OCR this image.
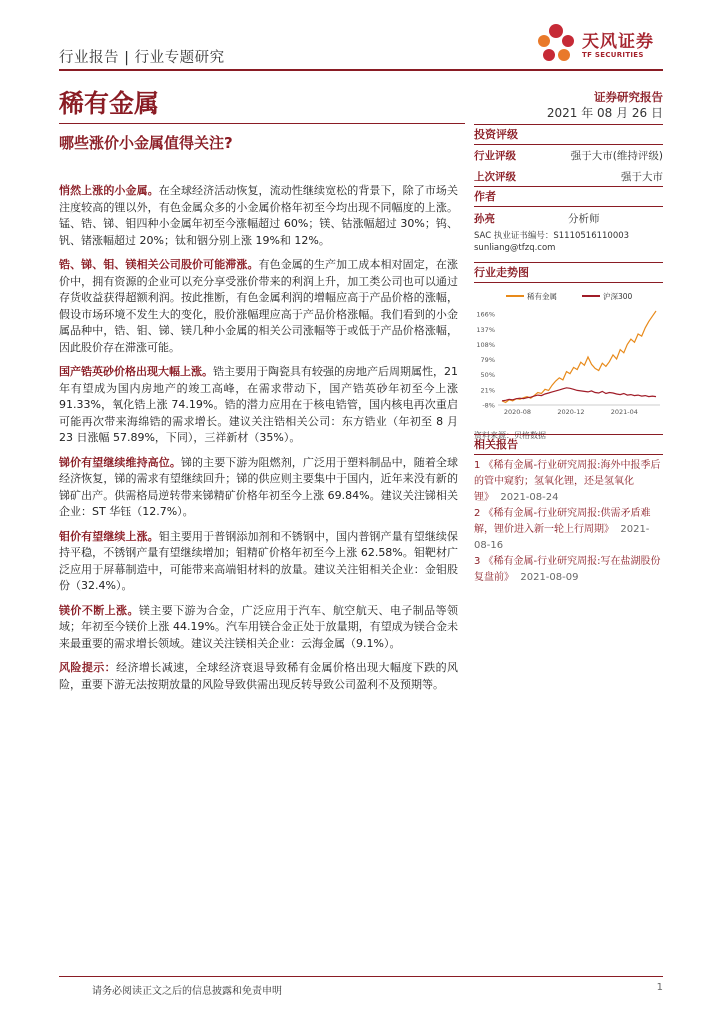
行业报告 | 行业专题研究
天风证券
TF SECURITIES
稀有金属	证券研究报告
2021 年 08 月 26 日
哪些涨价小金属值得关注?

悄然上涨的小金属。在全球经济活动恢复，流动性继续宽松的背景下，除了市场关注度较高的锂以外，有色金属众多的小金属价格年初至今均出现不同幅度的上涨。锰、锆、锑、钼四种小金属年初至今涨幅超过 60%；镁、钴涨幅超过 30%；钨、钒、锗涨幅超过 20%；钛和铟分别上涨 19%和 12%。

锆、锑、钼、镁相关公司股价可能滞涨。有色金属的生产加工成本相对固定，在涨价中，拥有资源的企业可以充分享受涨价带来的利润上升，加工类公司也可以通过存货收益获得超额利润。按此推断，有色金属利润的增幅应高于产品价格的涨幅，假设市场环境不发生大的变化，股价涨幅理应高于产品价格涨幅。我们看到的小金属品种中，锆、钼、锑、镁几种小金属的相关公司涨幅等于或低于产品价格涨幅，因此股价存在滞涨可能。

国产锆英砂价格出现大幅上涨。锆主要用于陶瓷具有较强的房地产后周期属性，21 年有望成为国内房地产的竣工高峰，在需求带动下，国产锆英砂年初至今上涨 91.33%，氧化锆上涨 74.19%。锆的潜力应用在于核电锆管，国内核电再次重启可能再次带来海绵锆的需求增长。建议关注锆相关公司：东方锆业（年初至 8 月 23 日涨幅 57.89%，下同），三祥新材（35%）。

锑价有望继续维持高位。锑的主要下游为阻燃剂，广泛用于塑料制品中，随着全球经济恢复，锑的需求有望继续回升；锑的供应则主要集中于国内，近年来没有新的锑矿出产。供需格局逆转带来锑精矿价格年初至今上涨 69.84%。建议关注锑相关企业：ST 华钰（12.7%）。

钼价有望继续上涨。钼主要用于普钢添加剂和不锈钢中，国内普钢产量有望继续保持平稳，不锈钢产量有望继续增加；钼精矿价格年初至今上涨 62.58%。钼靶材广泛应用于屏幕制造中，可能带来高端钼材料的放量。建议关注钼相关企业：金钼股份（32.4%）。

镁价不断上涨。镁主要下游为合金，广泛应用于汽车、航空航天、电子制品等领域；年初至今镁价上涨 44.19%。汽车用镁合金正处于放量期，有望成为镁合金未来最重要的需求增长领域。建议关注镁相关企业：云海金属（9.1%）。

风险提示：经济增长减速，全球经济衰退导致稀有金属价格出现大幅度下跌的风险，重要下游无法按期放量的风险导致供需出现反转导致公司盈利不及预期等。

投资评级
行业评级	强于大市(维持评级)
上次评级	强于大市
作者
孙亮	分析师
SAC 执业证书编号：S1110516110003
sunliang@tfzq.com
行业走势图
稀有金属	沪深300
166%
137%
108%
79%
50%
21%
-8%
2020-08	2020-12	2021-04
资料来源：贝格数据
相关报告
1 《稀有金属-行业研究周报:海外中报季后的管中窥豹；氢氧化锂，还是氢氧化锂》 2021-08-24
2 《稀有金属-行业研究周报:供需矛盾难解，锂价进入新一轮上行周期》 2021-08-16
3 《稀有金属-行业研究周报:写在盐湖股份复盘前》 2021-08-09
请务必阅读正文之后的信息披露和免责申明	1
